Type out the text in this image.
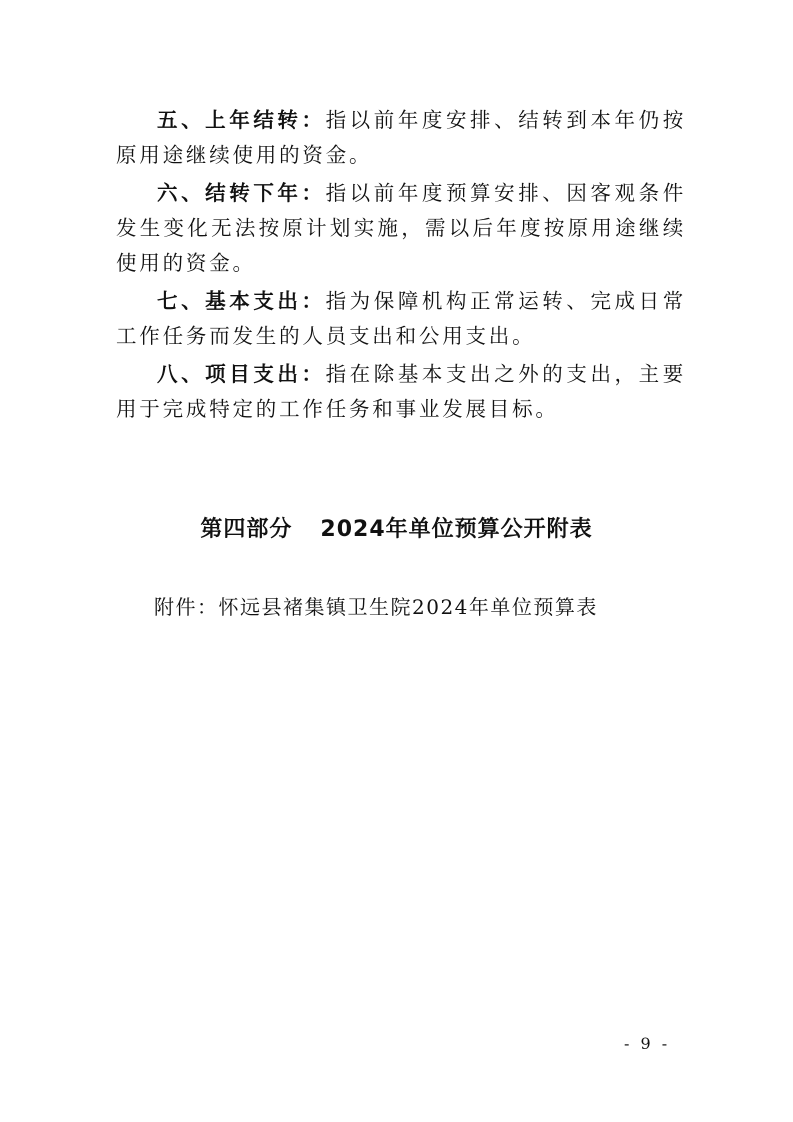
五、上年结转：指以前年度安排、结转到本年仍按原用途继续使用的资金。

六、结转下年：指以前年度预算安排、因客观条件发生变化无法按原计划实施，需以后年度按原用途继续使用的资金。

七、基本支出：指为保障机构正常运转、完成日常工作任务而发生的人员支出和公用支出。

八、项目支出：指在除基本支出之外的支出，主要用于完成特定的工作任务和事业发展目标。

第四部分 2024年单位预算公开附表
附件：怀远县褚集镇卫生院2024年单位预算表
- 9 -
